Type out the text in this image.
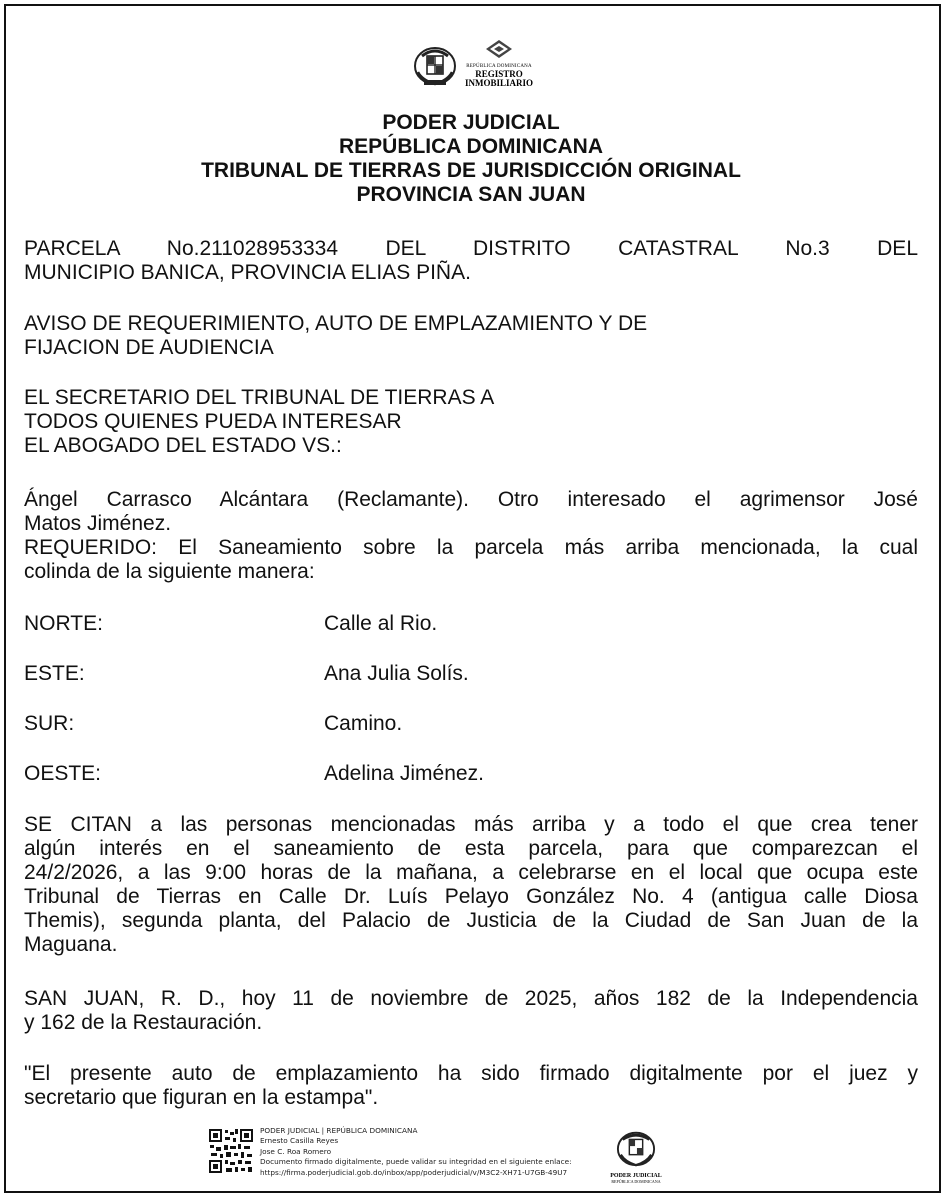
REPÚBLICA DOMINICANA
REGISTRO
INMOBILIARIO
PODER JUDICIAL
REPÚBLICA DOMINICANA
TRIBUNAL DE TIERRAS DE JURISDICCIÓN ORIGINAL
PROVINCIA SAN JUAN
PARCELA No.211028953334 DEL DISTRITO CATASTRAL No.3 DEL
MUNICIPIO BANICA, PROVINCIA ELIAS PIÑA.
AVISO DE REQUERIMIENTO, AUTO DE EMPLAZAMIENTO Y DE
FIJACION DE AUDIENCIA
EL SECRETARIO DEL TRIBUNAL DE TIERRAS A
TODOS QUIENES PUEDA INTERESAR
EL ABOGADO DEL ESTADO VS.:
Ángel Carrasco Alcántara (Reclamante). Otro interesado el agrimensor José
Matos Jiménez.
REQUERIDO: El Saneamiento sobre la parcela más arriba mencionada, la cual
colinda de la siguiente manera:
NORTE:	Calle al Rio.
ESTE:	Ana Julia Solís.
SUR:	Camino.
OESTE:	Adelina Jiménez.
SE CITAN a las personas mencionadas más arriba y a todo el que crea tener
algún interés en el saneamiento de esta parcela, para que comparezcan el
24/2/2026, a las 9:00 horas de la mañana, a celebrarse en el local que ocupa este
Tribunal de Tierras en Calle Dr. Luís Pelayo González No. 4 (antigua calle Diosa
Themis), segunda planta, del Palacio de Justicia de la Ciudad de San Juan de la
Maguana.
SAN JUAN, R. D., hoy 11 de noviembre de 2025, años 182 de la Independencia
y 162 de la Restauración.
"El presente auto de emplazamiento ha sido firmado digitalmente por el juez y
secretario que figuran en la estampa".
PODER JUDICIAL | REPÚBLICA DOMINICANA
Ernesto Casilla Reyes
Jose C. Roa Romero
Documento firmado digitalmente, puede validar su integridad en el siguiente enlace:
https://firma.poderjudicial.gob.do/inbox/app/poderjudicial/v/M3C2-XH71-U7GB-49U7	PODER JUDICIAL
REPÚBLICA DOMINICANA
